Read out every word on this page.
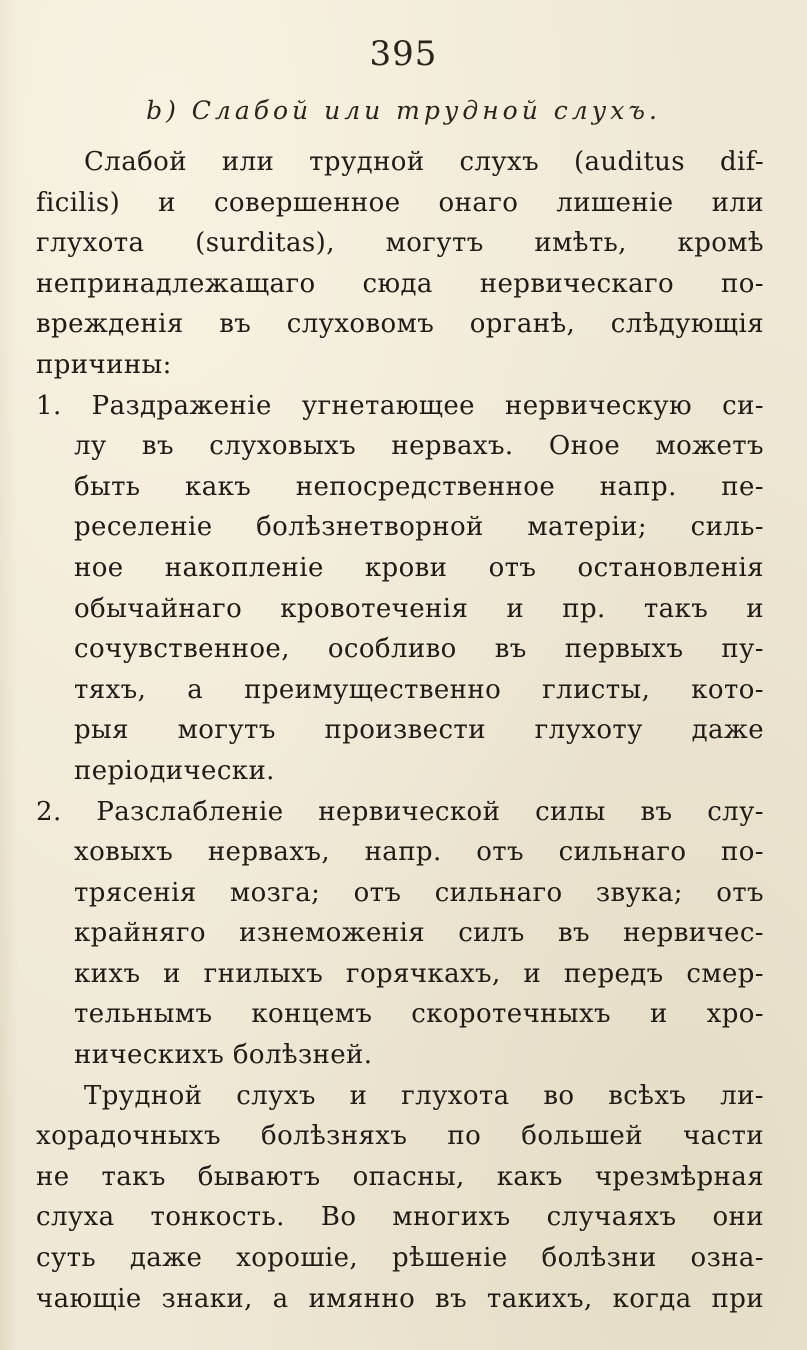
395
b) Слабой или трудной слухъ.
Слабой или трудной слухъ (auditus dif-
ficilis) и совершенное онаго лишеніе или
глухота (surditas), могутъ имѣть, кромѣ
непринадлежащаго сюда нервическаго по-
врежденія въ слуховомъ органѣ, слѣдующія
причины:
1. Раздраженіе угнетающее нервическую си-
лу въ слуховыхъ нервахъ. Оное можетъ
быть какъ непосредственное напр. пе-
реселеніе болѣзнетворной матеріи; силь-
ное накопленіе крови отъ остановленія
обычайнаго кровотеченія и пр. такъ и
сочувственное, особливо въ первыхъ пу-
тяхъ, а преимущественно глисты, кото-
рыя могутъ произвести глухоту даже
періодически.
2. Разслабленіе нервической силы въ слу-
ховыхъ нервахъ, напр. отъ сильнаго по-
трясенія мозга; отъ сильнаго звука; отъ
крайняго изнеможенія силъ въ нервичес-
кихъ и гнилыхъ горячкахъ, и передъ смер-
тельнымъ концемъ скоротечныхъ и хро-
ническихъ болѣзней.
Трудной слухъ и глухота во всѣхъ ли-
хорадочныхъ болѣзняхъ по большей части
не такъ бываютъ опасны, какъ чрезмѣрная
слуха тонкость. Во многихъ случаяхъ они
суть даже хорошіе, рѣшеніе болѣзни озна-
чающіе знаки, а имянно въ такихъ, когда при
